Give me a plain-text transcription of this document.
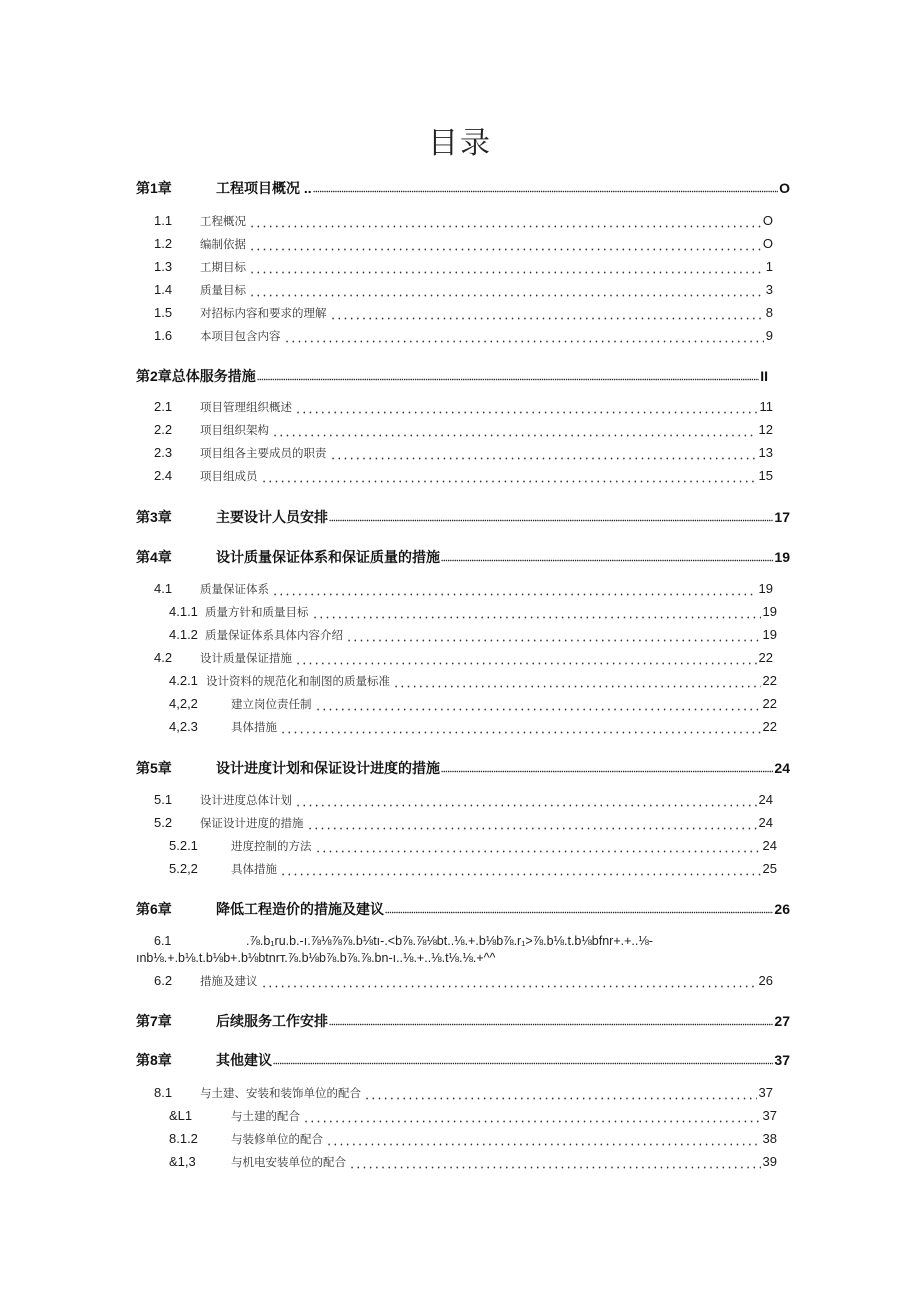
目录
第1章	工程项目概况 ..	O
1.1	工程概况	O
1.2	编制依据	O
1.3	工期目标	1
1.4	质量目标	3
1.5	对招标内容和要求的理解	8
1.6	本项目包含内容	9
第2章总体服务措施	II
2.1	项目管理组织概述	11
2.2	项目组织架构	12
2.3	项目组各主要成员的职责	13
2.4	项目组成员	15
第3章	主要设计人员安排	17
第4章	设计质量保证体系和保证质量的措施	19
4.1	质量保证体系	19
4.1.1 质量方针和质量目标	19
4.1.2 质量保证体系具体内容介绍	19
4.2	设计质量保证措施	22
4.2.1 设计资料的规范化和制图的质量标准	22
4,2,2	建立岗位责任制	22
4,2.3	具体措施	22
第5章	设计进度计划和保证设计进度的措施	24
5.1	设计进度总体计划	24
5.2	保证设计进度的措施	24
5.2.1	进度控制的方法	24
5.2,2	具体措施	25
第6章	降低工程造价的措施及建议	26
6.1	.⅞.b₁ru.b.-ı.⅞⅛⅞⅞.b⅛tı-.<b⅞.⅞⅛bt..⅛.+.b⅛b⅞.r₁>⅞.b⅛.t.b⅛bfnr+.+..⅛-
ınb⅛.+.b⅛.t.b⅛b+.b⅛btnrт.⅞.b⅛b⅞.b⅞.⅞.bn-ı..⅛.+..⅛.t⅛.⅛.+^^
6.2	措施及建议	26
第7章	后续服务工作安排	27
第8章	其他建议	37
8.1	与土建、安装和装饰单位的配合	37
&L1	与土建的配合	37
8.1.2	与装修单位的配合	38
&1,3	与机电安装单位的配合	39
